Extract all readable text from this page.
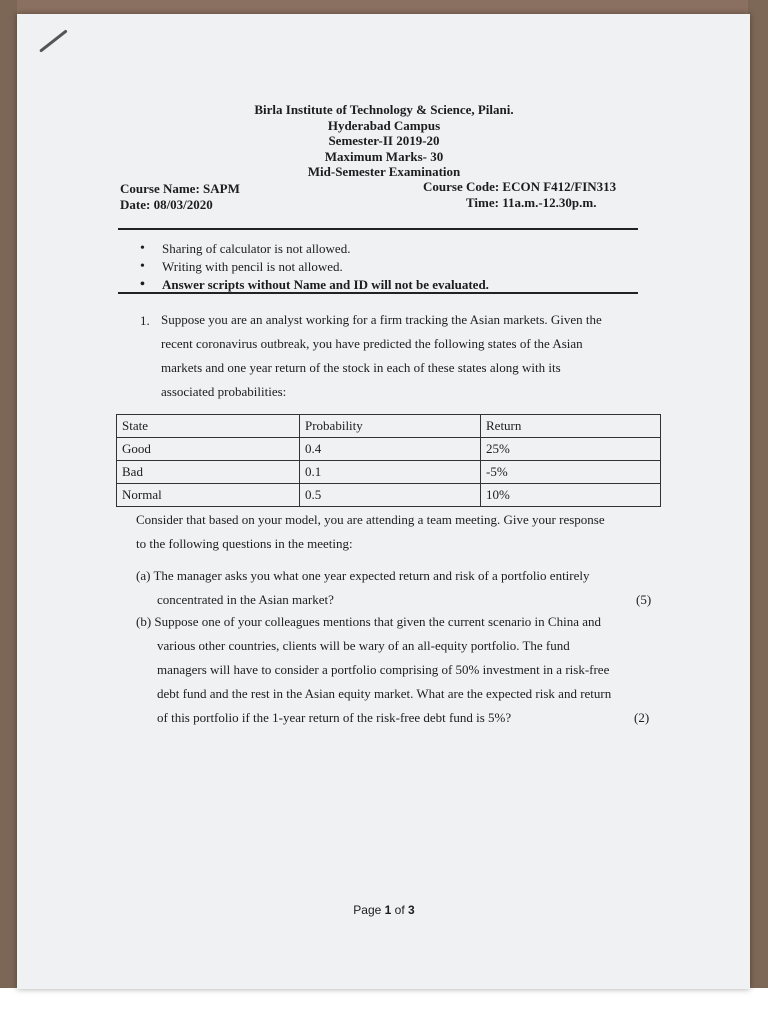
Birla Institute of Technology & Science, Pilani.
Hyderabad Campus
Semester-II 2019-20
Maximum Marks- 30
Mid-Semester Examination
Course Name: SAPM	Course Code: ECON F412/FIN313
Date: 08/03/2020	Time: 11a.m.-12.30p.m.
• Sharing of calculator is not allowed.
• Writing with pencil is not allowed.
• Answer scripts without Name and ID will not be evaluated.
1. Suppose you are an analyst working for a firm tracking the Asian markets. Given the
recent coronavirus outbreak, you have predicted the following states of the Asian
markets and one year return of the stock in each of these states along with its
associated probabilities:
State	Probability	Return
Good	0.4	25%
Bad	0.1	-5%
Normal	0.5	10%
Consider that based on your model, you are attending a team meeting. Give your response
to the following questions in the meeting:
(a) The manager asks you what one year expected return and risk of a portfolio entirely
concentrated in the Asian market?	(5)
(b) Suppose one of your colleagues mentions that given the current scenario in China and
various other countries, clients will be wary of an all-equity portfolio. The fund
managers will have to consider a portfolio comprising of 50% investment in a risk-free
debt fund and the rest in the Asian equity market. What are the expected risk and return
of this portfolio if the 1-year return of the risk-free debt fund is 5%?	(2)
Page 1 of 3
